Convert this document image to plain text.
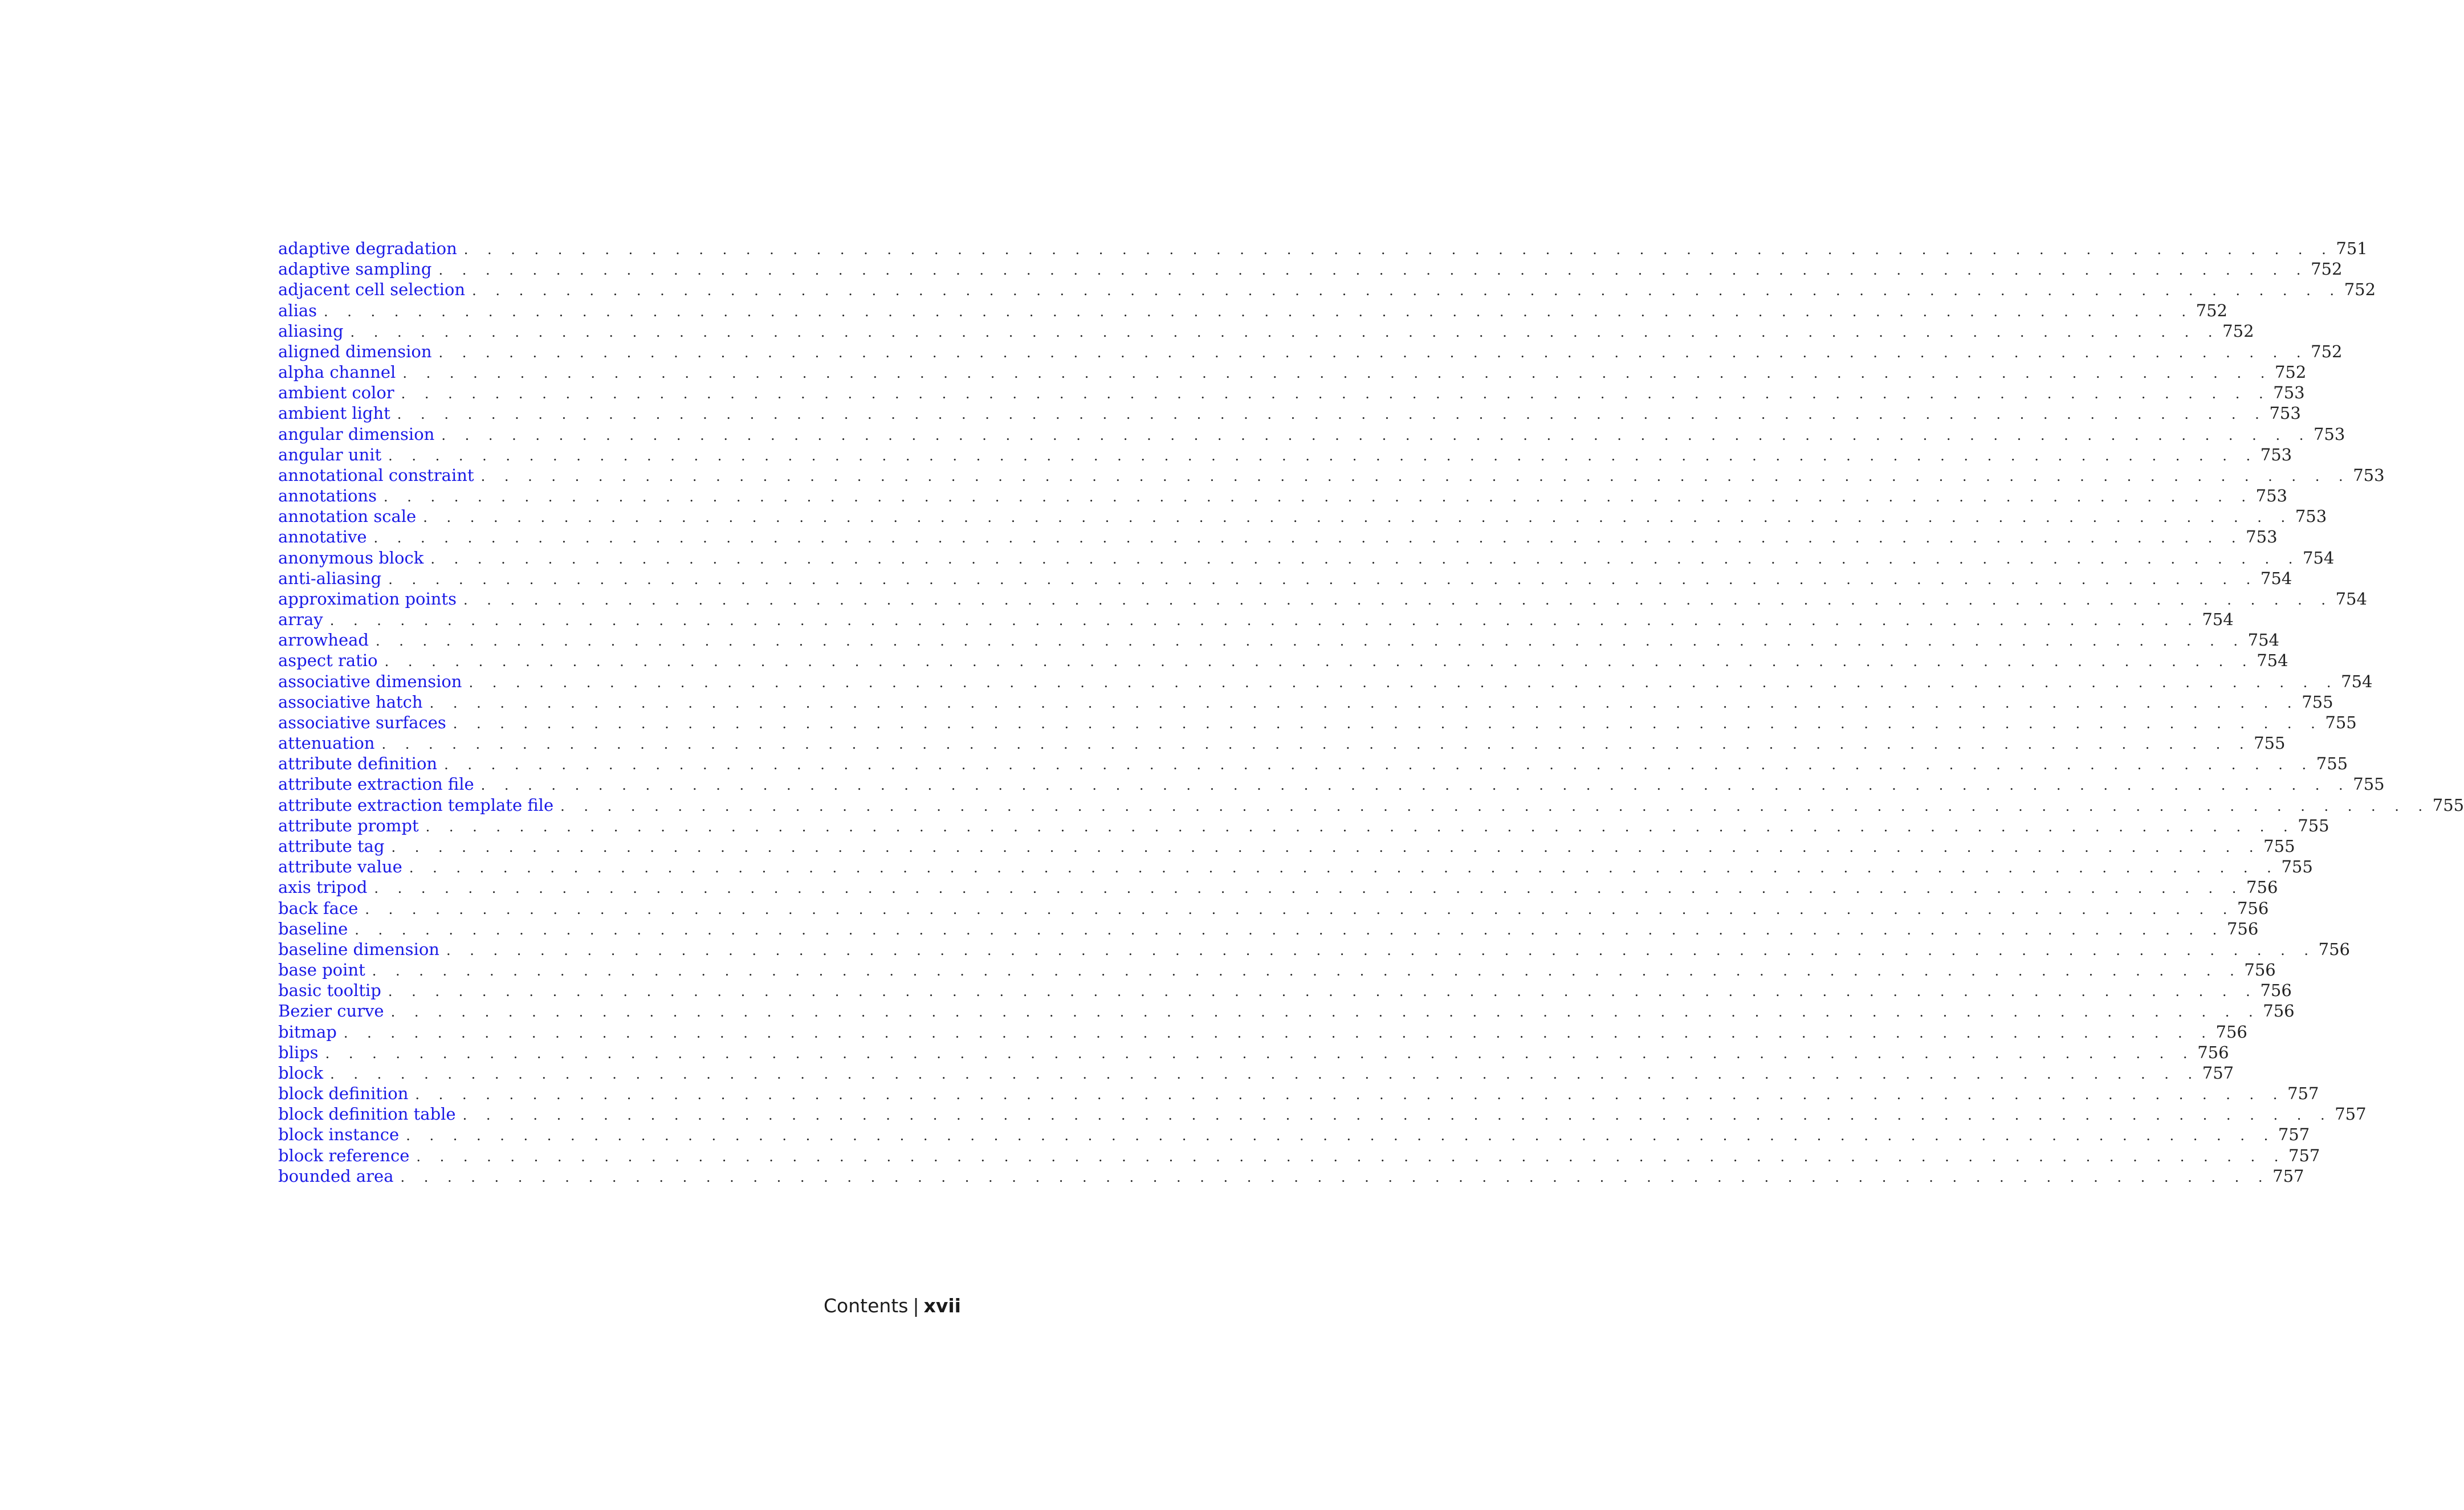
adaptive degradation . . . . . . . . . . . . . . . . . . . . . . . . . . . . . . . . . . . . . . . . . . . . . . . . . . . . . . . . . . . . . . . . . . . . . . . . . . . . . . . . 751
adaptive sampling . . . . . . . . . . . . . . . . . . . . . . . . . . . . . . . . . . . . . . . . . . . . . . . . . . . . . . . . . . . . . . . . . . . . . . . . . . . . . . . . 752
adjacent cell selection . . . . . . . . . . . . . . . . . . . . . . . . . . . . . . . . . . . . . . . . . . . . . . . . . . . . . . . . . . . . . . . . . . . . . . . . . . . . . . . . 752
alias . . . . . . . . . . . . . . . . . . . . . . . . . . . . . . . . . . . . . . . . . . . . . . . . . . . . . . . . . . . . . . . . . . . . . . . . . . . . . . . . 752
aliasing . . . . . . . . . . . . . . . . . . . . . . . . . . . . . . . . . . . . . . . . . . . . . . . . . . . . . . . . . . . . . . . . . . . . . . . . . . . . . . . . 752
aligned dimension . . . . . . . . . . . . . . . . . . . . . . . . . . . . . . . . . . . . . . . . . . . . . . . . . . . . . . . . . . . . . . . . . . . . . . . . . . . . . . . . 752
alpha channel . . . . . . . . . . . . . . . . . . . . . . . . . . . . . . . . . . . . . . . . . . . . . . . . . . . . . . . . . . . . . . . . . . . . . . . . . . . . . . . . 752
ambient color . . . . . . . . . . . . . . . . . . . . . . . . . . . . . . . . . . . . . . . . . . . . . . . . . . . . . . . . . . . . . . . . . . . . . . . . . . . . . . . . 753
ambient light . . . . . . . . . . . . . . . . . . . . . . . . . . . . . . . . . . . . . . . . . . . . . . . . . . . . . . . . . . . . . . . . . . . . . . . . . . . . . . . . 753
angular dimension . . . . . . . . . . . . . . . . . . . . . . . . . . . . . . . . . . . . . . . . . . . . . . . . . . . . . . . . . . . . . . . . . . . . . . . . . . . . . . . . 753
angular unit . . . . . . . . . . . . . . . . . . . . . . . . . . . . . . . . . . . . . . . . . . . . . . . . . . . . . . . . . . . . . . . . . . . . . . . . . . . . . . . . 753
annotational constraint . . . . . . . . . . . . . . . . . . . . . . . . . . . . . . . . . . . . . . . . . . . . . . . . . . . . . . . . . . . . . . . . . . . . . . . . . . . . . . . . 753
annotations . . . . . . . . . . . . . . . . . . . . . . . . . . . . . . . . . . . . . . . . . . . . . . . . . . . . . . . . . . . . . . . . . . . . . . . . . . . . . . . . 753
annotation scale . . . . . . . . . . . . . . . . . . . . . . . . . . . . . . . . . . . . . . . . . . . . . . . . . . . . . . . . . . . . . . . . . . . . . . . . . . . . . . . . 753
annotative . . . . . . . . . . . . . . . . . . . . . . . . . . . . . . . . . . . . . . . . . . . . . . . . . . . . . . . . . . . . . . . . . . . . . . . . . . . . . . . . 753
anonymous block . . . . . . . . . . . . . . . . . . . . . . . . . . . . . . . . . . . . . . . . . . . . . . . . . . . . . . . . . . . . . . . . . . . . . . . . . . . . . . . . 754
anti-aliasing . . . . . . . . . . . . . . . . . . . . . . . . . . . . . . . . . . . . . . . . . . . . . . . . . . . . . . . . . . . . . . . . . . . . . . . . . . . . . . . . 754
approximation points . . . . . . . . . . . . . . . . . . . . . . . . . . . . . . . . . . . . . . . . . . . . . . . . . . . . . . . . . . . . . . . . . . . . . . . . . . . . . . . . 754
array . . . . . . . . . . . . . . . . . . . . . . . . . . . . . . . . . . . . . . . . . . . . . . . . . . . . . . . . . . . . . . . . . . . . . . . . . . . . . . . . 754
arrowhead . . . . . . . . . . . . . . . . . . . . . . . . . . . . . . . . . . . . . . . . . . . . . . . . . . . . . . . . . . . . . . . . . . . . . . . . . . . . . . . . 754
aspect ratio . . . . . . . . . . . . . . . . . . . . . . . . . . . . . . . . . . . . . . . . . . . . . . . . . . . . . . . . . . . . . . . . . . . . . . . . . . . . . . . . 754
associative dimension . . . . . . . . . . . . . . . . . . . . . . . . . . . . . . . . . . . . . . . . . . . . . . . . . . . . . . . . . . . . . . . . . . . . . . . . . . . . . . . . 754
associative hatch . . . . . . . . . . . . . . . . . . . . . . . . . . . . . . . . . . . . . . . . . . . . . . . . . . . . . . . . . . . . . . . . . . . . . . . . . . . . . . . . 755
associative surfaces . . . . . . . . . . . . . . . . . . . . . . . . . . . . . . . . . . . . . . . . . . . . . . . . . . . . . . . . . . . . . . . . . . . . . . . . . . . . . . . . 755
attenuation . . . . . . . . . . . . . . . . . . . . . . . . . . . . . . . . . . . . . . . . . . . . . . . . . . . . . . . . . . . . . . . . . . . . . . . . . . . . . . . . 755
attribute definition . . . . . . . . . . . . . . . . . . . . . . . . . . . . . . . . . . . . . . . . . . . . . . . . . . . . . . . . . . . . . . . . . . . . . . . . . . . . . . . . 755
attribute extraction file . . . . . . . . . . . . . . . . . . . . . . . . . . . . . . . . . . . . . . . . . . . . . . . . . . . . . . . . . . . . . . . . . . . . . . . . . . . . . . . . 755
attribute extraction template file . . . . . . . . . . . . . . . . . . . . . . . . . . . . . . . . . . . . . . . . . . . . . . . . . . . . . . . . . . . . . . . . . . . . . . . . . . . . . . . . 755
attribute prompt . . . . . . . . . . . . . . . . . . . . . . . . . . . . . . . . . . . . . . . . . . . . . . . . . . . . . . . . . . . . . . . . . . . . . . . . . . . . . . . . 755
attribute tag . . . . . . . . . . . . . . . . . . . . . . . . . . . . . . . . . . . . . . . . . . . . . . . . . . . . . . . . . . . . . . . . . . . . . . . . . . . . . . . . 755
attribute value . . . . . . . . . . . . . . . . . . . . . . . . . . . . . . . . . . . . . . . . . . . . . . . . . . . . . . . . . . . . . . . . . . . . . . . . . . . . . . . . 755
axis tripod . . . . . . . . . . . . . . . . . . . . . . . . . . . . . . . . . . . . . . . . . . . . . . . . . . . . . . . . . . . . . . . . . . . . . . . . . . . . . . . . 756
back face . . . . . . . . . . . . . . . . . . . . . . . . . . . . . . . . . . . . . . . . . . . . . . . . . . . . . . . . . . . . . . . . . . . . . . . . . . . . . . . . 756
baseline . . . . . . . . . . . . . . . . . . . . . . . . . . . . . . . . . . . . . . . . . . . . . . . . . . . . . . . . . . . . . . . . . . . . . . . . . . . . . . . . 756
baseline dimension . . . . . . . . . . . . . . . . . . . . . . . . . . . . . . . . . . . . . . . . . . . . . . . . . . . . . . . . . . . . . . . . . . . . . . . . . . . . . . . . 756
base point . . . . . . . . . . . . . . . . . . . . . . . . . . . . . . . . . . . . . . . . . . . . . . . . . . . . . . . . . . . . . . . . . . . . . . . . . . . . . . . . 756
basic tooltip . . . . . . . . . . . . . . . . . . . . . . . . . . . . . . . . . . . . . . . . . . . . . . . . . . . . . . . . . . . . . . . . . . . . . . . . . . . . . . . . 756
Bezier curve . . . . . . . . . . . . . . . . . . . . . . . . . . . . . . . . . . . . . . . . . . . . . . . . . . . . . . . . . . . . . . . . . . . . . . . . . . . . . . . . 756
bitmap . . . . . . . . . . . . . . . . . . . . . . . . . . . . . . . . . . . . . . . . . . . . . . . . . . . . . . . . . . . . . . . . . . . . . . . . . . . . . . . . 756
blips . . . . . . . . . . . . . . . . . . . . . . . . . . . . . . . . . . . . . . . . . . . . . . . . . . . . . . . . . . . . . . . . . . . . . . . . . . . . . . . . 756
block . . . . . . . . . . . . . . . . . . . . . . . . . . . . . . . . . . . . . . . . . . . . . . . . . . . . . . . . . . . . . . . . . . . . . . . . . . . . . . . . 757
block definition . . . . . . . . . . . . . . . . . . . . . . . . . . . . . . . . . . . . . . . . . . . . . . . . . . . . . . . . . . . . . . . . . . . . . . . . . . . . . . . . 757
block definition table . . . . . . . . . . . . . . . . . . . . . . . . . . . . . . . . . . . . . . . . . . . . . . . . . . . . . . . . . . . . . . . . . . . . . . . . . . . . . . . . 757
block instance . . . . . . . . . . . . . . . . . . . . . . . . . . . . . . . . . . . . . . . . . . . . . . . . . . . . . . . . . . . . . . . . . . . . . . . . . . . . . . . . 757
block reference . . . . . . . . . . . . . . . . . . . . . . . . . . . . . . . . . . . . . . . . . . . . . . . . . . . . . . . . . . . . . . . . . . . . . . . . . . . . . . . . 757
bounded area . . . . . . . . . . . . . . . . . . . . . . . . . . . . . . . . . . . . . . . . . . . . . . . . . . . . . . . . . . . . . . . . . . . . . . . . . . . . . . . . 757
Contents | xvii
